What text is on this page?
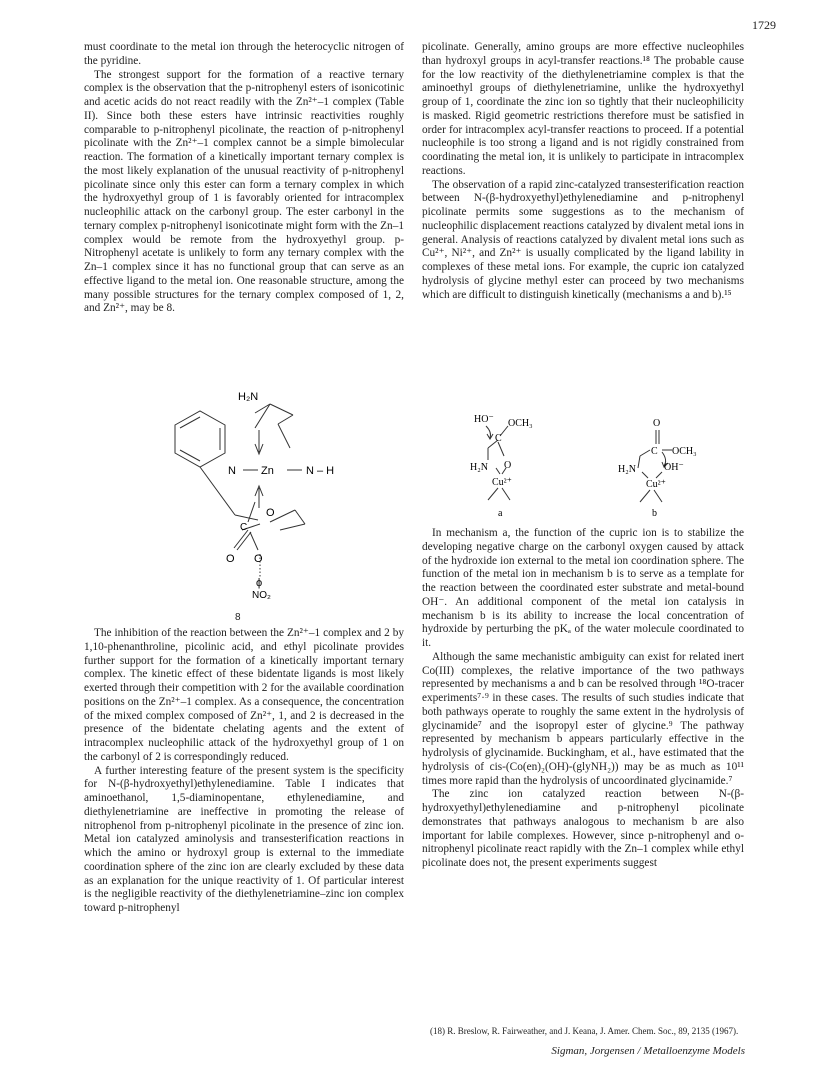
1729

must coordinate to the metal ion through the heterocyclic nitrogen of the pyridine.

The strongest support for the formation of a reactive ternary complex is the observation that the p-nitrophenyl esters of isonicotinic and acetic acids do not react readily with the Zn²⁺–1 complex (Table II). Since both these esters have intrinsic reactivities roughly comparable to p-nitrophenyl picolinate, the reaction of p-nitrophenyl picolinate with the Zn²⁺–1 complex cannot be a simple bimolecular reaction. The formation of a kinetically important ternary complex is the most likely explanation of the unusual reactivity of p-nitrophenyl picolinate since only this ester can form a ternary complex in which the hydroxyethyl group of 1 is favorably oriented for intracomplex nucleophilic attack on the carbonyl group. The ester carbonyl in the ternary complex p-nitrophenyl isonicotinate might form with the Zn–1 complex would be remote from the hydroxyethyl group. p-Nitrophenyl acetate is unlikely to form any ternary complex with the Zn–1 complex since it has no functional group that can serve as an effective ligand to the metal ion. One reasonable structure, among the many possible structures for the ternary complex composed of 1, 2, and Zn²⁺, may be 8.

H₂N
N Zn	N – H
O
C
O O
ϕ
NO₂
8

The inhibition of the reaction between the Zn²⁺–1 complex and 2 by 1,10-phenanthroline, picolinic acid, and ethyl picolinate provides further support for the formation of a kinetically important ternary complex. The kinetic effect of these bidentate ligands is most likely exerted through their competition with 2 for the available coordination positions on the Zn²⁺–1 complex. As a consequence, the concentration of the mixed complex composed of Zn²⁺, 1, and 2 is decreased in the presence of the bidentate chelating agents and the extent of intracomplex nucleophilic attack of the hydroxyethyl group of 1 on the carbonyl of 2 is correspondingly reduced.

A further interesting feature of the present system is the specificity for N-(β-hydroxyethyl)ethylenediamine. Table I indicates that aminoethanol, 1,5-diaminopentane, ethylenediamine, and diethylenetriamine are ineffective in promoting the release of nitrophenol from p-nitrophenyl picolinate in the presence of zinc ion. Metal ion catalyzed aminolysis and transesterification reactions in which the amino or hydroxyl group is external to the immediate coordination sphere of the zinc ion are clearly excluded by these data as an explanation for the unique reactivity of 1. Of particular interest is the negligible reactivity of the diethylenetriamine–zinc ion complex toward p-nitrophenyl

picolinate. Generally, amino groups are more effective nucleophiles than hydroxyl groups in acyl-transfer reactions.¹⁸ The probable cause for the low reactivity of the diethylenetriamine complex is that the aminoethyl groups of diethylenetriamine, unlike the hydroxyethyl group of 1, coordinate the zinc ion so tightly that their nucleophilicity is masked. Rigid geometric restrictions therefore must be satisfied in order for intracomplex acyl-transfer reactions to proceed. If a potential nucleophile is too strong a ligand and is not rigidly constrained from coordinating the metal ion, it is unlikely to participate in intracomplex reactions.

The observation of a rapid zinc-catalyzed transesterification reaction between N-(β-hydroxyethyl)ethylenediamine and p-nitrophenyl picolinate permits some suggestions as to the mechanism of nucleophilic displacement reactions catalyzed by divalent metal ions in general. Analysis of reactions catalyzed by divalent metal ions such as Cu²⁺, Ni²⁺, and Zn²⁺ is usually complicated by the ligand lability in complexes of these metal ions. For example, the cupric ion catalyzed hydrolysis of glycine methyl ester can proceed by two mechanisms which are difficult to distinguish kinetically (mechanisms a and b).¹⁵

HO⁻ OCH₃
C
H₂N O
Cu²⁺
a
O
C OCH₃
OH⁻
H₂N
Cu²⁺
b

In mechanism a, the function of the cupric ion is to stabilize the developing negative charge on the carbonyl oxygen caused by attack of the hydroxide ion external to the metal ion coordination sphere. The function of the metal ion in mechanism b is to serve as a template for the reaction between the coordinated ester substrate and metal-bound OH⁻. An additional component of the metal ion catalysis in mechanism b is its ability to increase the local concentration of hydroxide by perturbing the pKₐ of the water molecule coordinated to it.

Although the same mechanistic ambiguity can exist for related inert Co(III) complexes, the relative importance of the two pathways represented by mechanisms a and b can be resolved through ¹⁸O-tracer experiments⁷·⁹ in these cases. The results of such studies indicate that both pathways operate to roughly the same extent in the hydrolysis of glycinamide⁷ and the isopropyl ester of glycine.⁹ The pathway represented by mechanism b appears particularly effective in the hydrolysis of glycinamide. Buckingham, et al., have estimated that the hydrolysis of cis-(Co(en)₂(OH)-(glyNH₂)) may be as much as 10¹¹ times more rapid than the hydrolysis of uncoordinated glycinamide.⁷

The zinc ion catalyzed reaction between N-(β-hydroxyethyl)ethylenediamine and p-nitrophenyl picolinate demonstrates that pathways analogous to mechanism b are also important for labile complexes. However, since p-nitrophenyl and o-nitrophenyl picolinate react rapidly with the Zn–1 complex while ethyl picolinate does not, the present experiments suggest

(18) R. Breslow, R. Fairweather, and J. Keana, J. Amer. Chem. Soc., 89, 2135 (1967).
Sigman, Jorgensen / Metalloenzyme Models
